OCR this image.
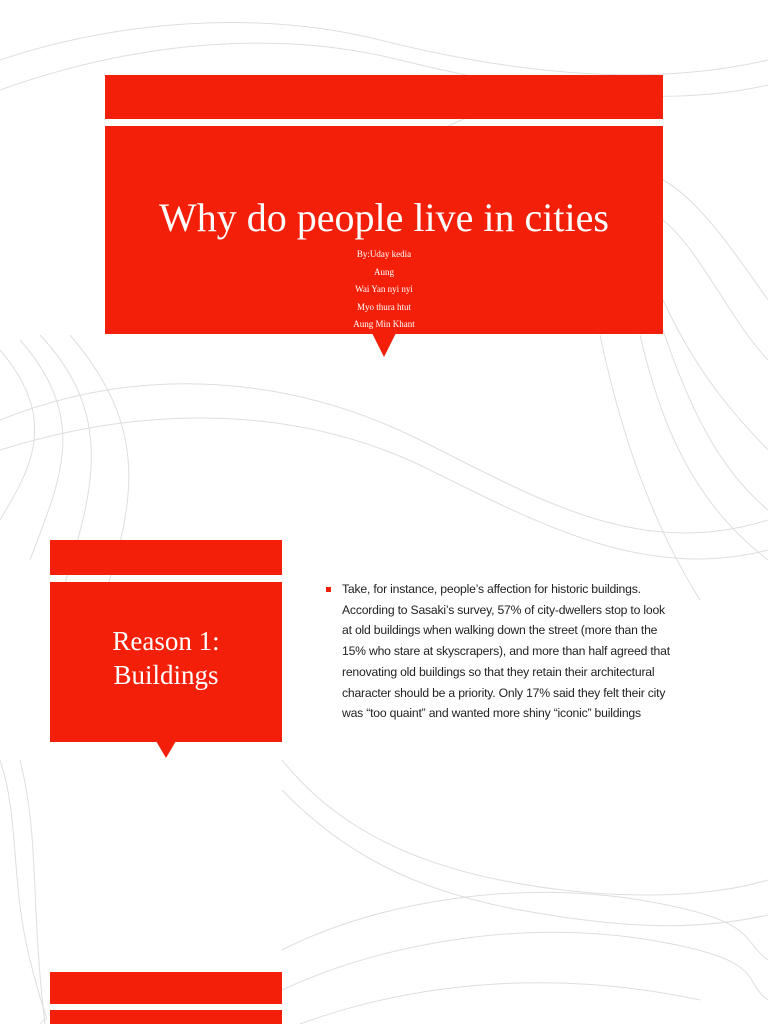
Why do people live in cities
By:Uday kedia
Aung
Wai Yan nyi nyi
Myo thura htut
Aung Min Khant
Reason 1:
Buildings
Take, for instance, people’s affection for historic buildings.
According to Sasaki’s survey, 57% of city-dwellers stop to look
at old buildings when walking down the street (more than the
15% who stare at skyscrapers), and more than half agreed that
renovating old buildings so that they retain their architectural
character should be a priority. Only 17% said they felt their city
was “too quaint” and wanted more shiny “iconic” buildings
